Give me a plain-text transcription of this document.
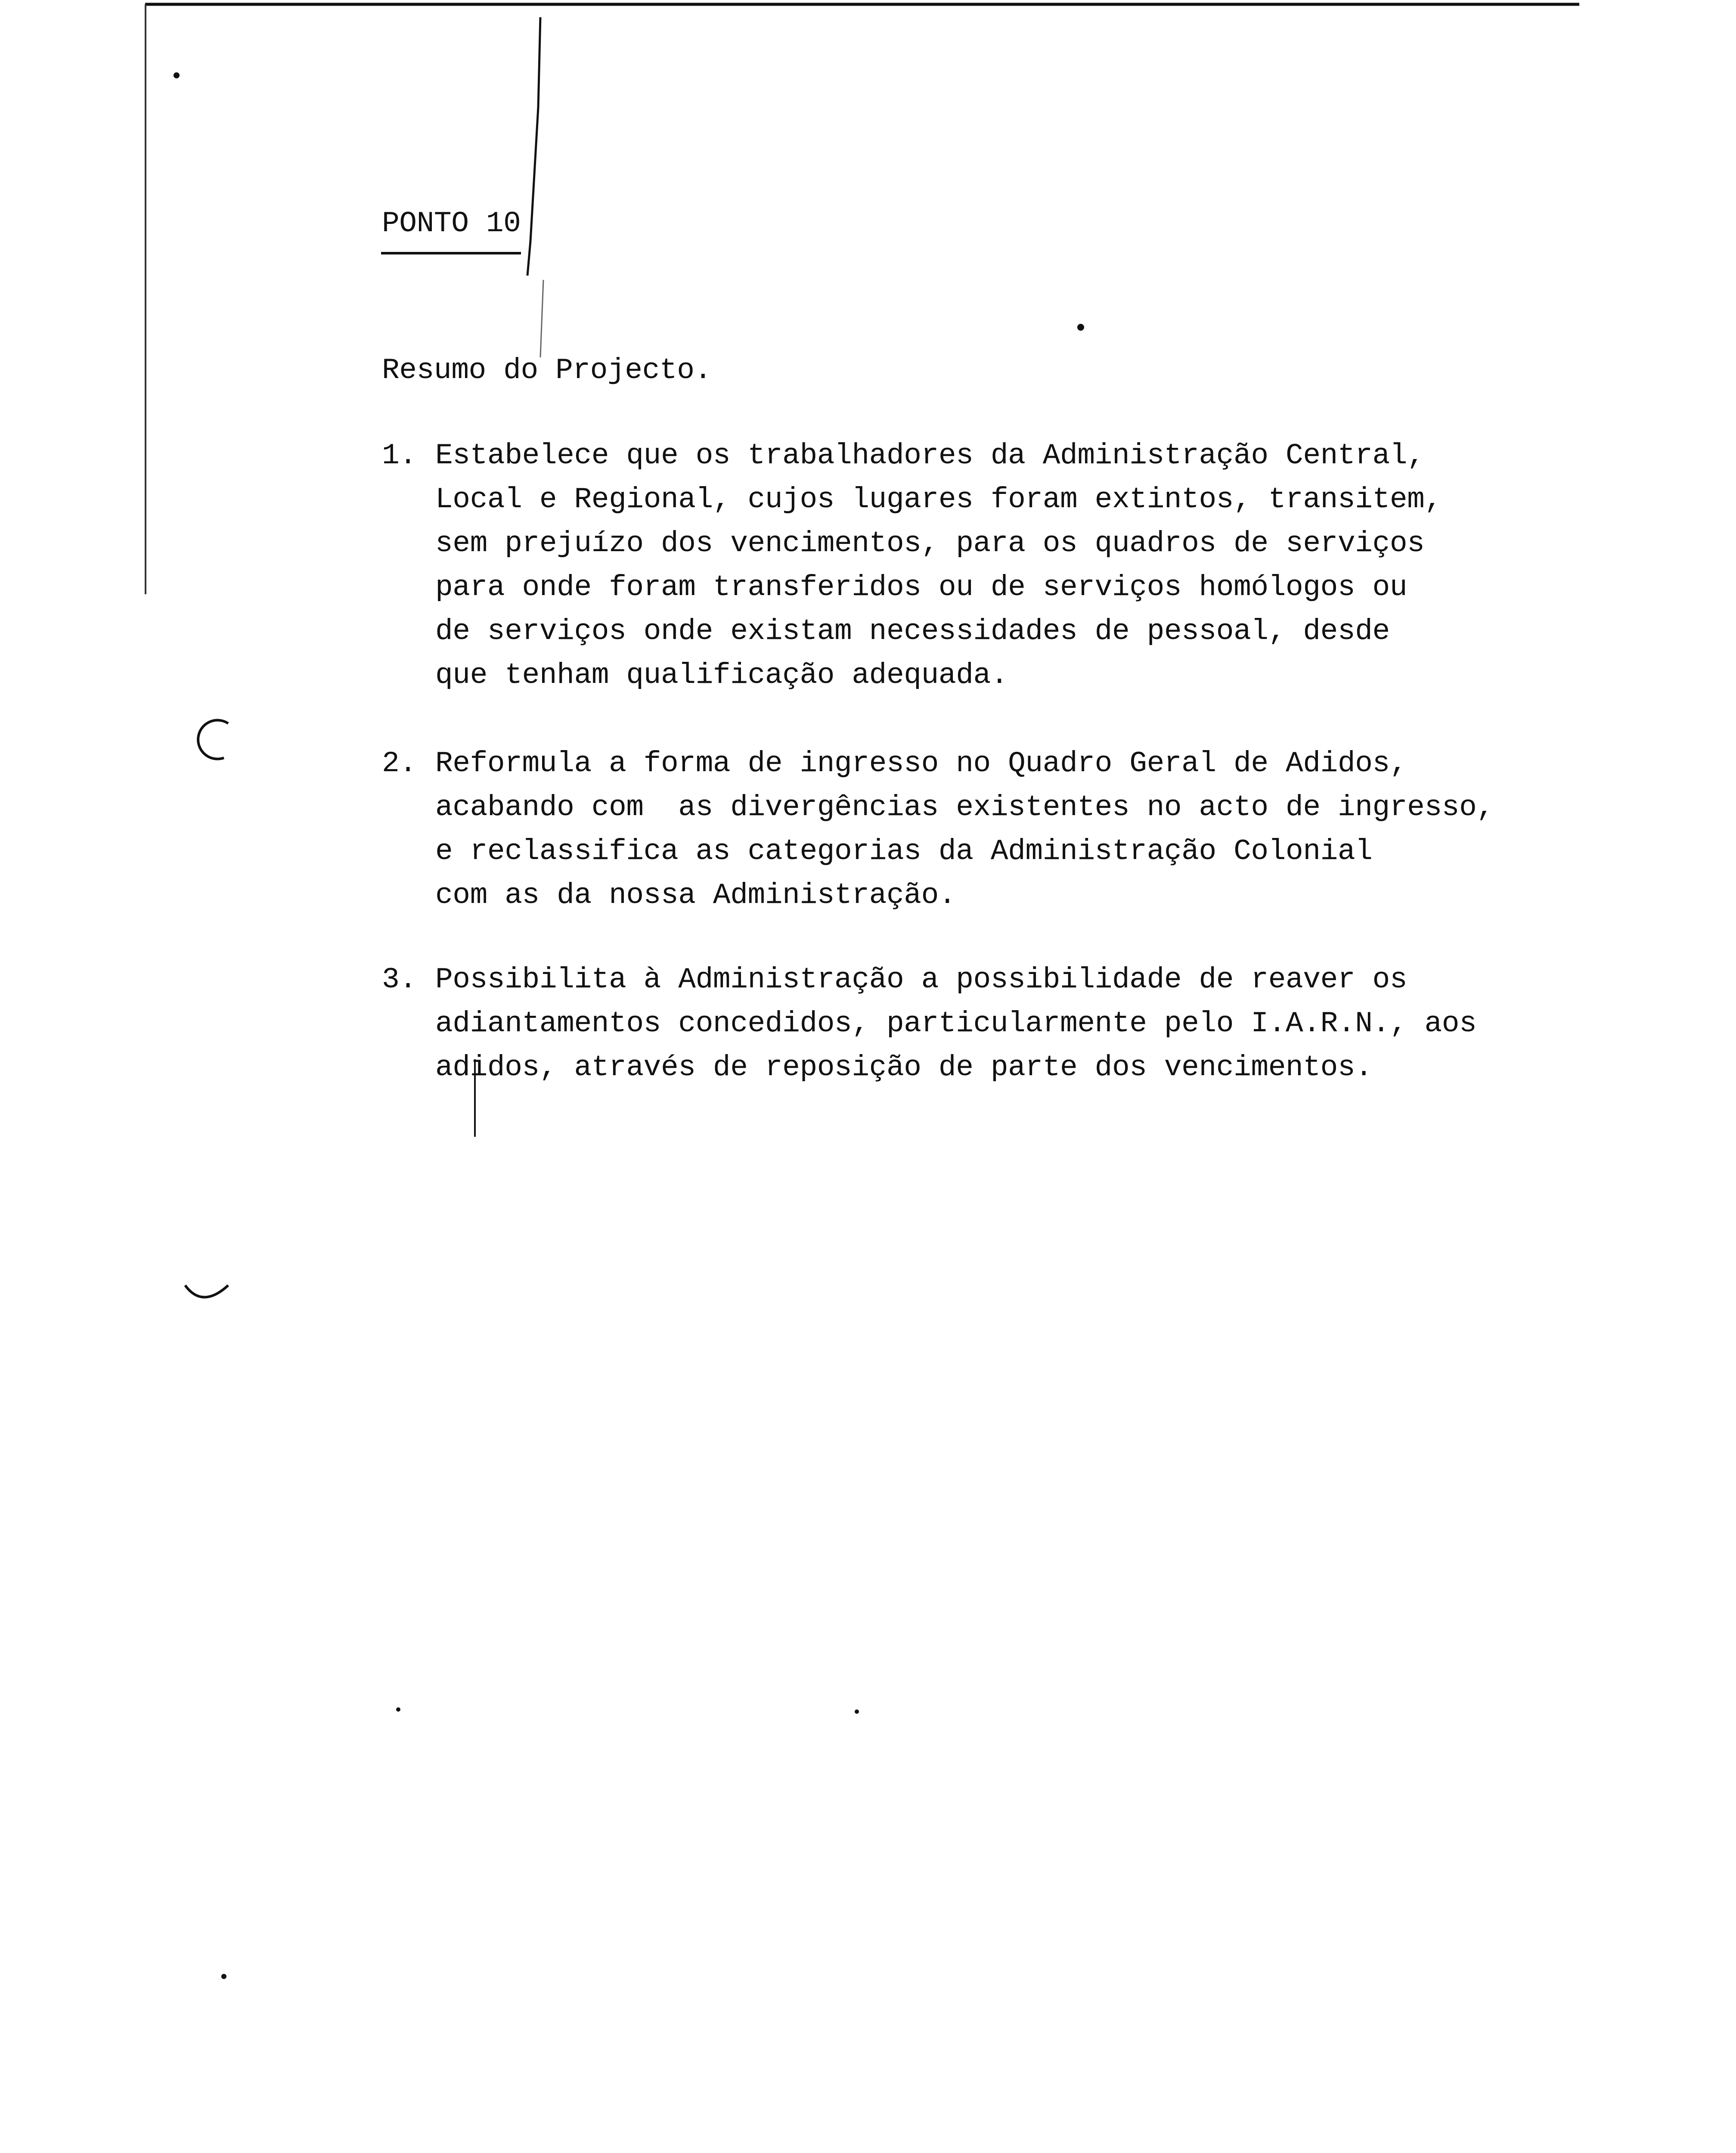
PONTO 10
Resumo do Projecto.
1. Estabelece que os trabalhadores da Administração Central,
Local e Regional, cujos lugares foram extintos, transitem,
sem prejuízo dos vencimentos, para os quadros de serviços
para onde foram transferidos ou de serviços homólogos ou
de serviços onde existam necessidades de pessoal, desde
que tenham qualificação adequada.
2. Reformula a forma de ingresso no Quadro Geral de Adidos,
acabando com  as divergências existentes no acto de ingresso,
e reclassifica as categorias da Administração Colonial
com as da nossa Administração.
3. Possibilita à Administração a possibilidade de reaver os
adiantamentos concedidos, particularmente pelo I.A.R.N., aos
adidos, através de reposição de parte dos vencimentos.
